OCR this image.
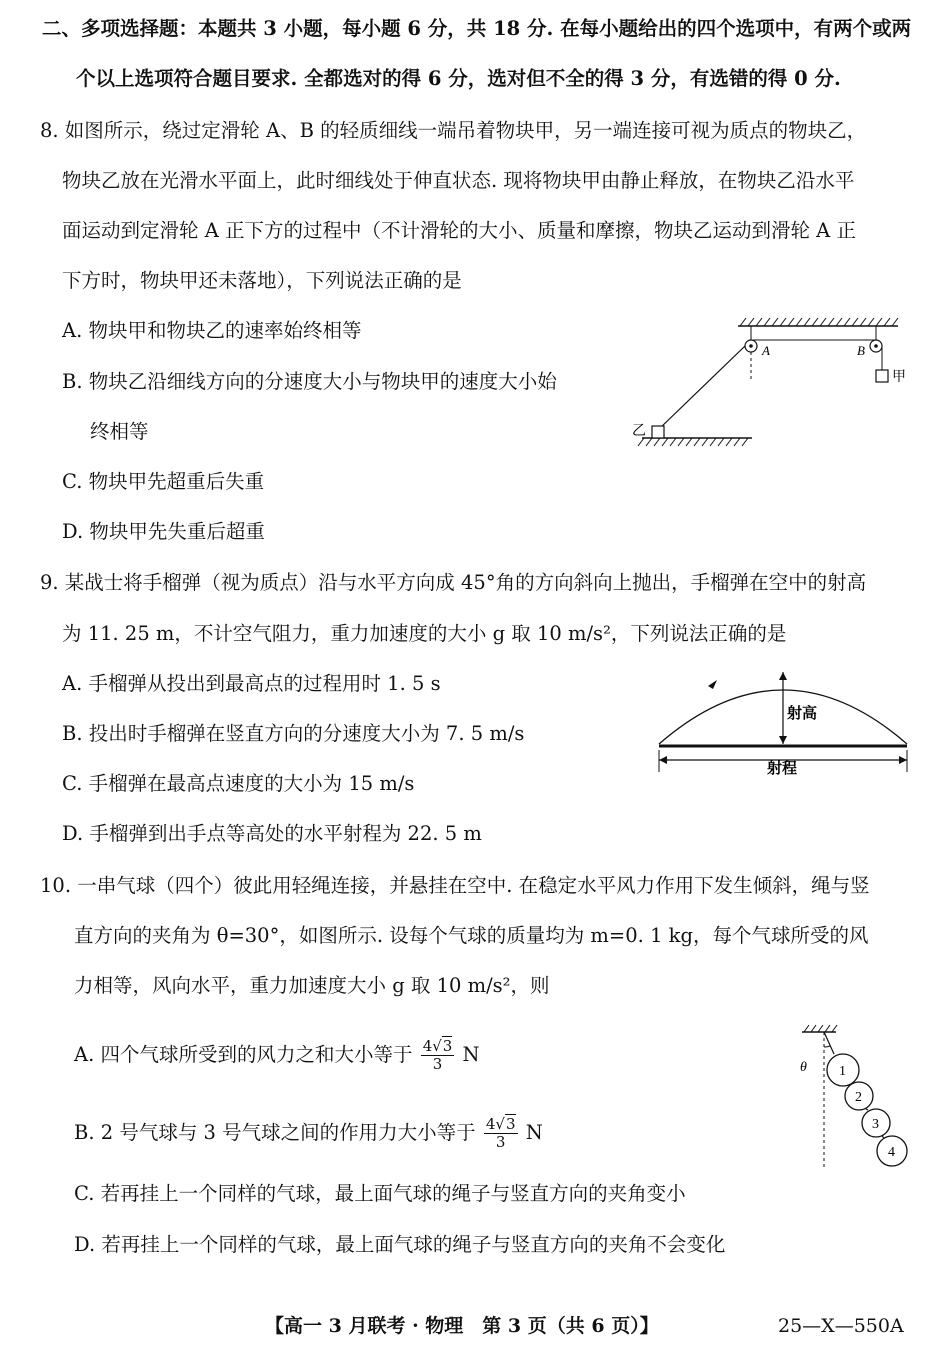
二、多项选择题：本题共 3 小题，每小题 6 分，共 18 分. 在每小题给出的四个选项中，有两个或两
个以上选项符合题目要求. 全都选对的得 6 分，选对但不全的得 3 分，有选错的得 0 分.
8. 如图所示，绕过定滑轮 A、B 的轻质细线一端吊着物块甲，另一端连接可视为质点的物块乙，
物块乙放在光滑水平面上，此时细线处于伸直状态. 现将物块甲由静止释放，在物块乙沿水平
面运动到定滑轮 A 正下方的过程中（不计滑轮的大小、质量和摩擦，物块乙运动到滑轮 A 正
下方时，物块甲还未落地），下列说法正确的是
A. 物块甲和物块乙的速率始终相等
B. 物块乙沿细线方向的分速度大小与物块甲的速度大小始
终相等
C. 物块甲先超重后失重
D. 物块甲先失重后超重
A	B
甲
乙
9. 某战士将手榴弹（视为质点）沿与水平方向成 45°角的方向斜向上抛出，手榴弹在空中的射高
为 11. 25 m，不计空气阻力，重力加速度的大小 g 取 10 m/s²，下列说法正确的是
A. 手榴弹从投出到最高点的过程用时 1. 5 s
B. 投出时手榴弹在竖直方向的分速度大小为 7. 5 m/s
C. 手榴弹在最高点速度的大小为 15 m/s
D. 手榴弹到出手点等高处的水平射程为 22. 5 m
射高
射程
10. 一串气球（四个）彼此用轻绳连接，并悬挂在空中. 在稳定水平风力作用下发生倾斜，绳与竖
直方向的夹角为 θ=30°，如图所示. 设每个气球的质量均为 m=0. 1 kg，每个气球所受的风
力相等，风向水平，重力加速度大小 g 取 10 m/s²，则
A. 四个气球所受到的风力之和大小等于 $\frac{4√3}{3}$ N
B. 2 号气球与 3 号气球之间的作用力大小等于 $\frac{4√3}{3}$ N
C. 若再挂上一个同样的气球，最上面气球的绳子与竖直方向的夹角变小
D. 若再挂上一个同样的气球，最上面气球的绳子与竖直方向的夹角不会变化
θ 1
2
3
4
【高一 3 月联考 · 物理　第 3 页（共 6 页）】	25—X—550A
